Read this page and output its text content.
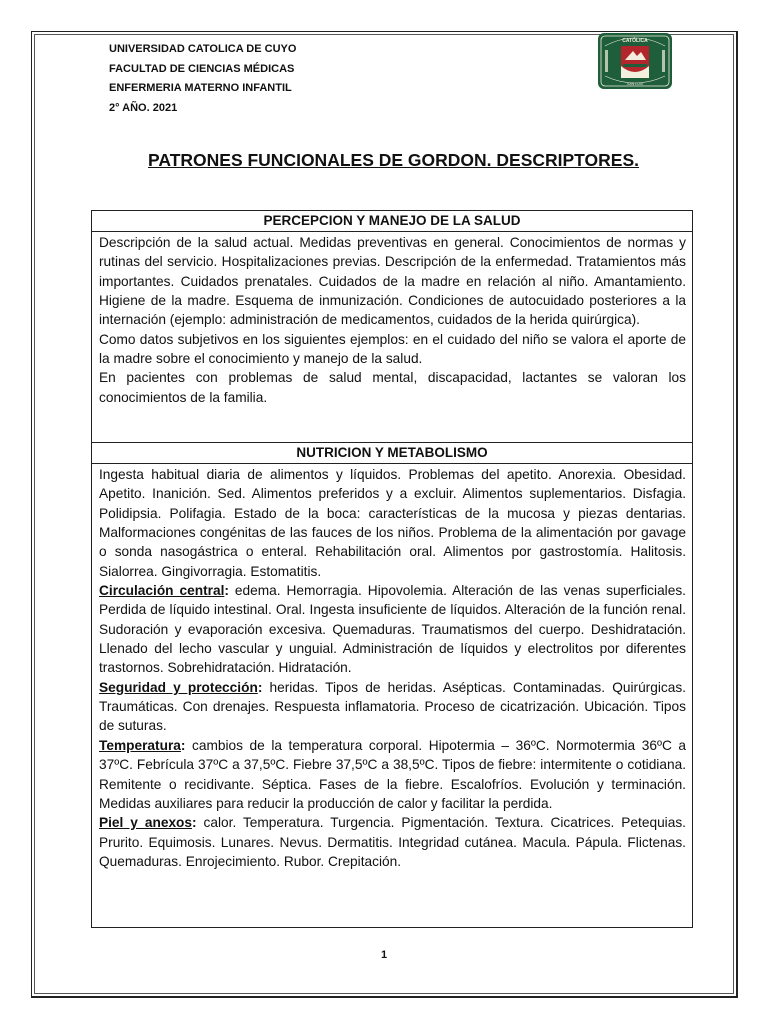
UNIVERSIDAD CATOLICA DE CUYO
FACULTAD DE CIENCIAS MÉDICAS
ENFERMERIA MATERNO INFANTIL
2° AÑO. 2021
CATÓLICA
SAN LUIS
PATRONES FUNCIONALES DE GORDON. DESCRIPTORES.
PERCEPCION Y MANEJO DE LA SALUD

Descripción de la salud actual. Medidas preventivas en general. Conocimientos de normas y rutinas del servicio. Hospitalizaciones previas. Descripción de la enfermedad. Tratamientos más importantes. Cuidados prenatales. Cuidados de la madre en relación al niño. Amantamiento. Higiene de la madre. Esquema de inmunización. Condiciones de autocuidado posteriores a la internación (ejemplo: administración de medicamentos, cuidados de la herida quirúrgica).

Como datos subjetivos en los siguientes ejemplos: en el cuidado del niño se valora el aporte de la madre sobre el conocimiento y manejo de la salud.

En pacientes con problemas de salud mental, discapacidad, lactantes se valoran los conocimientos de la familia.

NUTRICION Y METABOLISMO

Ingesta habitual diaria de alimentos y líquidos. Problemas del apetito. Anorexia. Obesidad. Apetito. Inanición. Sed. Alimentos preferidos y a excluir. Alimentos suplementarios. Disfagia. Polidipsia. Polifagia. Estado de la boca: características de la mucosa y piezas dentarias. Malformaciones congénitas de las fauces de los niños. Problema de la alimentación por gavage o sonda nasogástrica o enteral. Rehabilitación oral. Alimentos por gastrostomía. Halitosis. Sialorrea. Gingivorragia. Estomatitis.

Circulación central: edema. Hemorragia. Hipovolemia. Alteración de las venas superficiales. Perdida de líquido intestinal. Oral. Ingesta insuficiente de líquidos. Alteración de la función renal. Sudoración y evaporación excesiva. Quemaduras. Traumatismos del cuerpo. Deshidratación. Llenado del lecho vascular y unguial. Administración de líquidos y electrolitos por diferentes trastornos. Sobrehidratación. Hidratación.

Seguridad y protección: heridas. Tipos de heridas. Asépticas. Contaminadas. Quirúrgicas. Traumáticas. Con drenajes. Respuesta inflamatoria. Proceso de cicatrización. Ubicación. Tipos de suturas.

Temperatura: cambios de la temperatura corporal. Hipotermia – 36ºC. Normotermia 36ºC a 37ºC. Febrícula 37ºC a 37,5ºC. Fiebre 37,5ºC a 38,5ºC. Tipos de fiebre: intermitente o cotidiana. Remitente o recidivante. Séptica. Fases de la fiebre. Escalofríos. Evolución y terminación. Medidas auxiliares para reducir la producción de calor y facilitar la perdida.

Piel y anexos: calor. Temperatura. Turgencia. Pigmentación. Textura. Cicatrices. Petequias. Prurito. Equimosis. Lunares. Nevus. Dermatitis. Integridad cutánea. Macula. Pápula. Flictenas. Quemaduras. Enrojecimiento. Rubor. Crepitación.

1
